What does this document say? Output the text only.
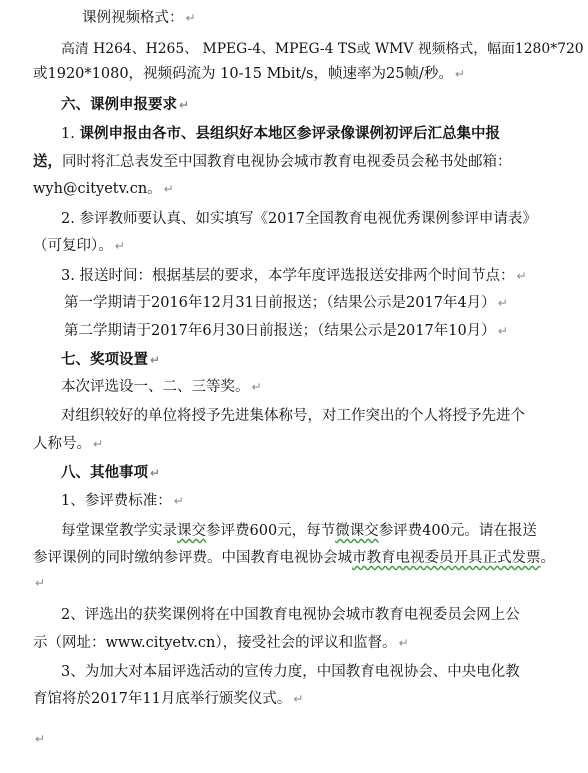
课例视频格式： ↵
高清 H264、H265、 MPEG-4、MPEG-4 TS或 WMV 视频格式，幅面1280*720
或1920*1080，视频码流为 10-15 Mbit/s，帧速率为25帧/秒。 ↵
六、课例申报要求 ↵
1. 课例申报由各市、县组织好本地区参评录像课例初评后汇总集中报
送，同时将汇总表发至中国教育电视协会城市教育电视委员会秘书处邮箱：
wyh@cityetv.cn。 ↵
2. 参评教师要认真、如实填写《2017全国教育电视优秀课例参评申请表》
（可复印）。 ↵
3. 报送时间：根据基层的要求，本学年度评选报送安排两个时间节点： ↵
第一学期请于2016年12月31日前报送；（结果公示是2017年4月） ↵
第二学期请于2017年6月30日前报送；（结果公示是2017年10月） ↵
七、奖项设置 ↵
本次评选设一、二、三等奖。 ↵
对组织较好的单位将授予先进集体称号，对工作突出的个人将授予先进个
人称号。 ↵
八、其他事项 ↵
1、参评费标准： ↵
每堂课堂教学实录课交参评费600元，每节微课交参评费400元。请在报送
参评课例的同时缴纳参评费。中国教育电视协会城市教育电视委员开具正式发票。
↵
2、评选出的获奖课例将在中国教育电视协会城市教育电视委员会网上公
示（网址：www.cityetv.cn），接受社会的评议和监督。 ↵
3、为加大对本届评选活动的宣传力度，中国教育电视协会、中央电化教
育馆将於2017年11月底举行颁奖仪式。 ↵
↵
